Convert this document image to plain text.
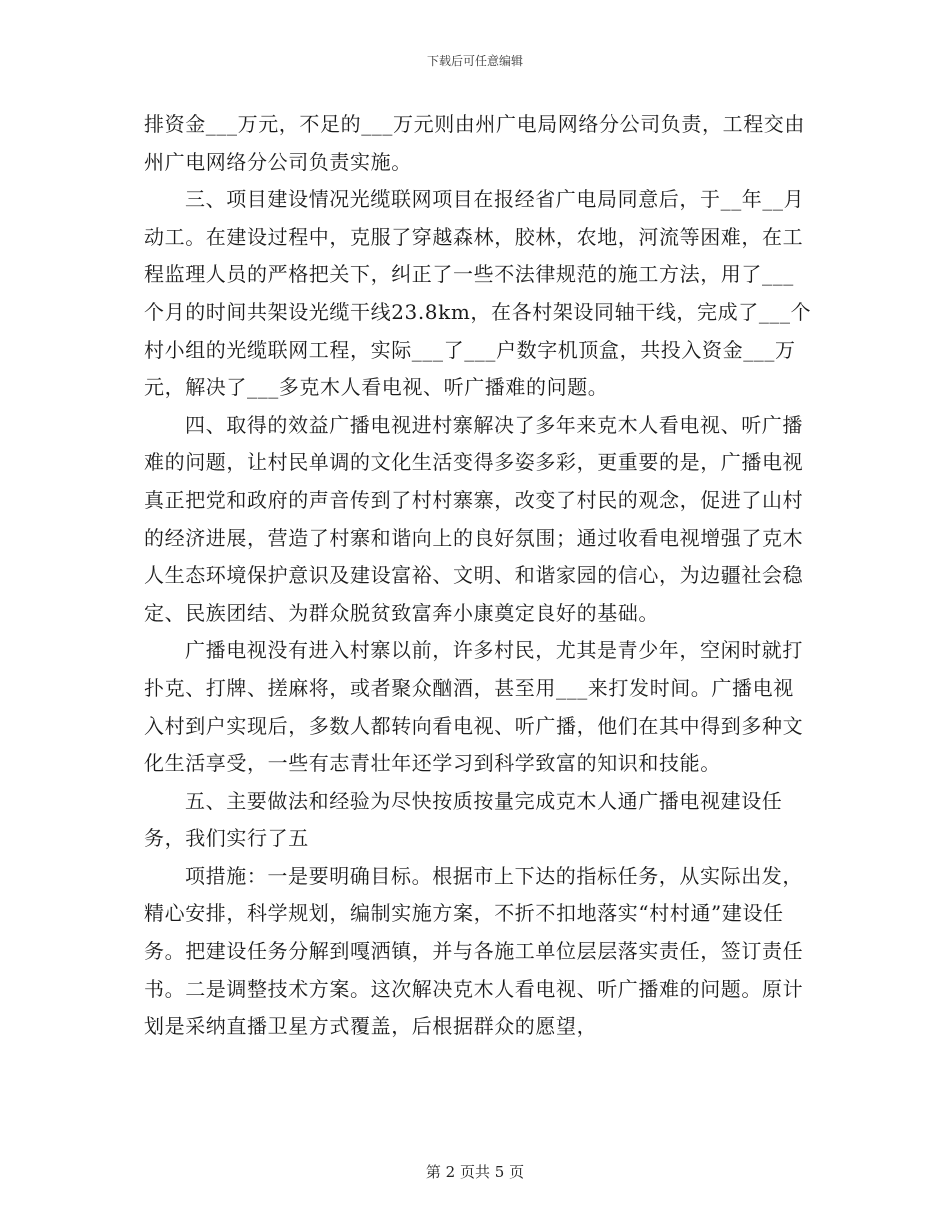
下载后可任意编辑

排资金___万元，不足的___万元则由州广电局网络分公司负责，工程交由州广电网络分公司负责实施。

三、项目建设情况光缆联网项目在报经省广电局同意后，于__年__月动工。在建设过程中，克服了穿越森林，胶林，农地，河流等困难，在工程监理人员的严格把关下，纠正了一些不法律规范的施工方法，用了___个月的时间共架设光缆干线23.8km，在各村架设同轴干线，完成了___个村小组的光缆联网工程，实际___了___户数字机顶盒，共投入资金___万元，解决了___多克木人看电视、听广播难的问题。

四、取得的效益广播电视进村寨解决了多年来克木人看电视、听广播难的问题，让村民单调的文化生活变得多姿多彩，更重要的是，广播电视真正把党和政府的声音传到了村村寨寨，改变了村民的观念，促进了山村的经济进展，营造了村寨和谐向上的良好氛围；通过收看电视增强了克木人生态环境保护意识及建设富裕、文明、和谐家园的信心，为边疆社会稳定、民族团结、为群众脱贫致富奔小康奠定良好的基础。

广播电视没有进入村寨以前，许多村民，尤其是青少年，空闲时就打扑克、打牌、搓麻将，或者聚众酗酒，甚至用___来打发时间。广播电视入村到户实现后，多数人都转向看电视、听广播，他们在其中得到多种文化生活享受，一些有志青壮年还学习到科学致富的知识和技能。

五、主要做法和经验为尽快按质按量完成克木人通广播电视建设任务，我们实行了五

项措施：一是要明确目标。根据市上下达的指标任务，从实际出发，精心安排，科学规划，编制实施方案，不折不扣地落实“村村通”建设任务。把建设任务分解到嘎洒镇，并与各施工单位层层落实责任，签订责任书。二是调整技术方案。这次解决克木人看电视、听广播难的问题。原计划是采纳直播卫星方式覆盖，后根据群众的愿望，

第 2 页共 5 页
